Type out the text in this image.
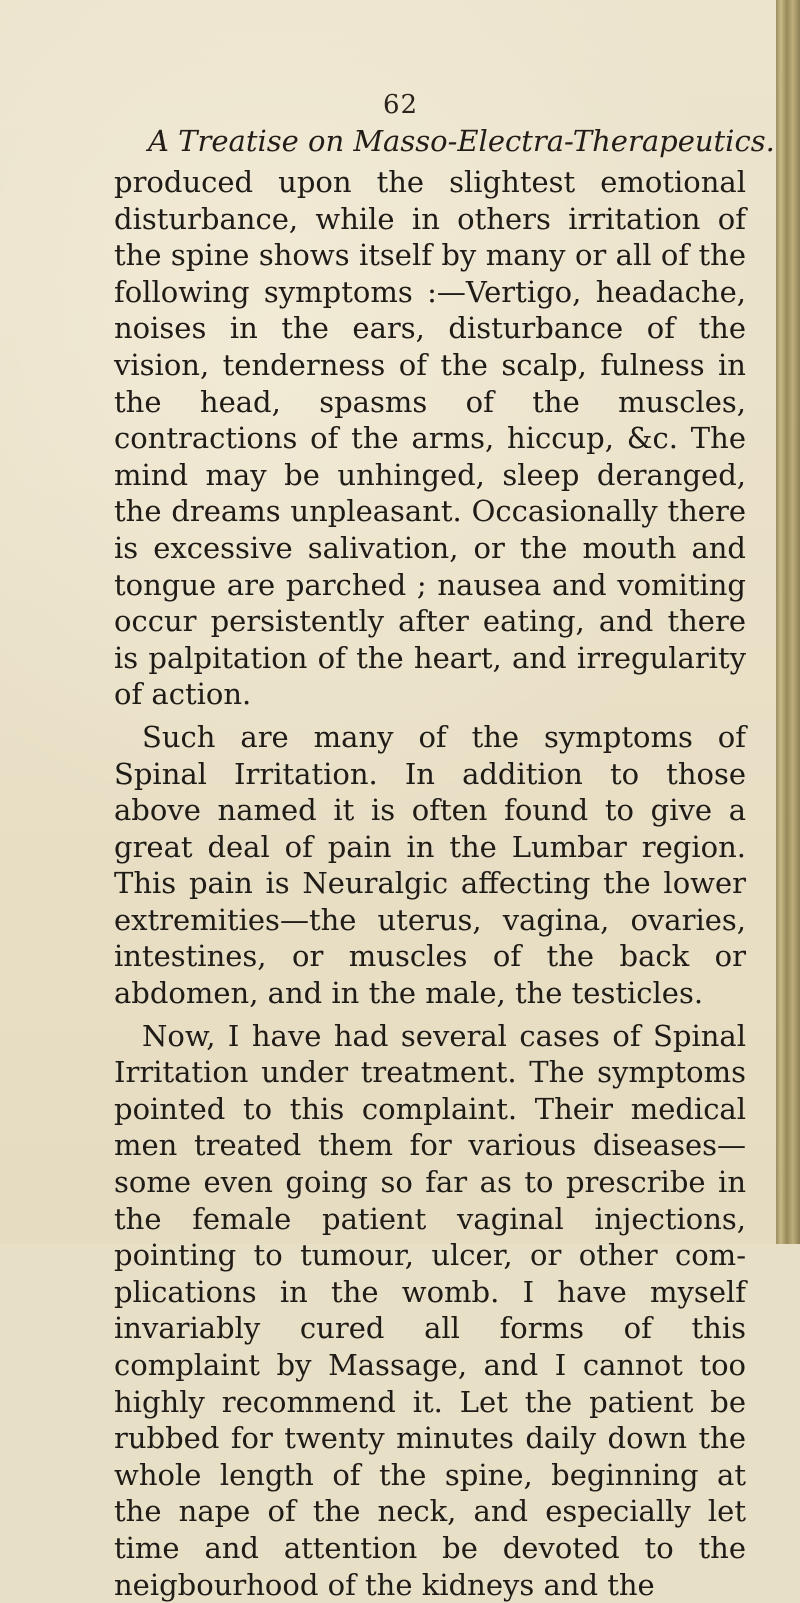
62
A Treatise on Masso-Electra-Therapeutics.

produced upon the slightest emotional disturbance, while in others irritation of the spine shows itself by many or all of the following symptoms :—Vertigo, headache, noises in the ears, disturbance of the vision, tenderness of the scalp, fulness in the head, spasms of the muscles, contractions of the arms, hiccup, &c. The mind may be unhinged, sleep deranged, the dreams unpleasant. Occasionally there is excessive salivation, or the mouth and tongue are parched ; nausea and vomiting occur persistently after eating, and there is palpitation of the heart, and irregularity of action.

Such are many of the symptoms of Spinal Irritation. In addition to those above named it is often found to give a great deal of pain in the Lumbar region. This pain is Neuralgic affecting the lower extremities—the uterus, vagina, ovaries, intestines, or muscles of the back or abdomen, and in the male, the testicles.

Now, I have had several cases of Spinal Irritation under treatment. The symptoms pointed to this complaint. Their medical men treated them for various diseases—some even going so far as to prescribe in the female patient vaginal injections, pointing to tumour, ulcer, or other complications in the womb. I have myself invariably cured all forms of this complaint by Massage, and I cannot too highly recommend it. Let the patient be rubbed for twenty minutes daily down the whole length of the spine, beginning at the nape of the neck, and especially let time and attention be devoted to the neigbourhood of the kidneys and the
